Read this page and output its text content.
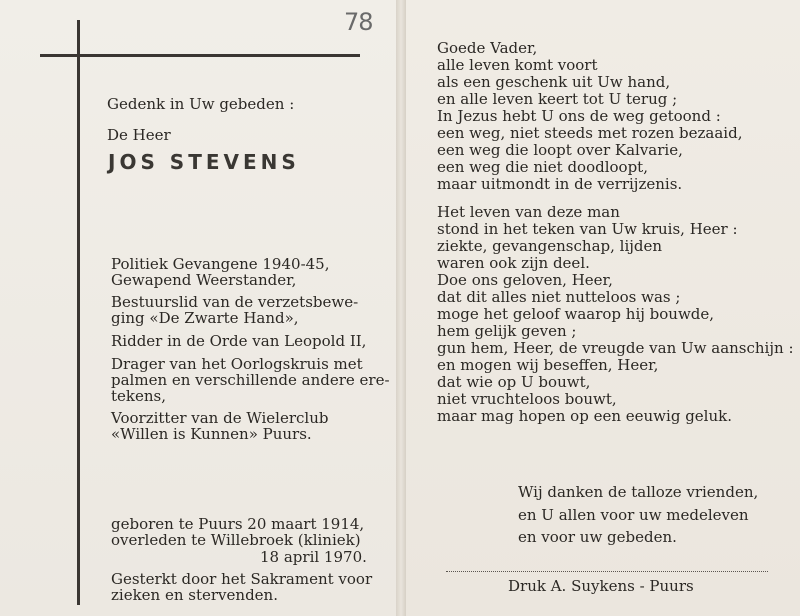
78
Gedenk in Uw gebeden :
De Heer
JOS STEVENS
Politiek Gevangene 1940-45,
Gewapend Weerstander,
Bestuurslid van de verzetsbewe-
ging «De Zwarte Hand»,
Ridder in de Orde van Leopold II,
Drager van het Oorlogskruis met
palmen en verschillende andere ere-
tekens,
Voorzitter van de Wielerclub
«Willen is Kunnen» Puurs.
geboren te Puurs 20 maart 1914,
overleden te Willebroek (kliniek)
18 april 1970.
Gesterkt door het Sakrament voor
zieken en stervenden.
Goede Vader,
alle leven komt voort
als een geschenk uit Uw hand,
en alle leven keert tot U terug ;
In Jezus hebt U ons de weg getoond :
een weg, niet steeds met rozen bezaaid,
een weg die loopt over Kalvarie,
een weg die niet doodloopt,
maar uitmondt in de verrijzenis.
Het leven van deze man
stond in het teken van Uw kruis, Heer :
ziekte, gevangenschap, lijden
waren ook zijn deel.
Doe ons geloven, Heer,
dat dit alles niet nutteloos was ;
moge het geloof waarop hij bouwde,
hem gelijk geven ;
gun hem, Heer, de vreugde van Uw aanschijn :
en mogen wij beseffen, Heer,
dat wie op U bouwt,
niet vruchteloos bouwt,
maar mag hopen op een eeuwig geluk.
Wij danken de talloze vrienden,
en U allen voor uw medeleven
en voor uw gebeden.
Druk A. Suykens - Puurs
